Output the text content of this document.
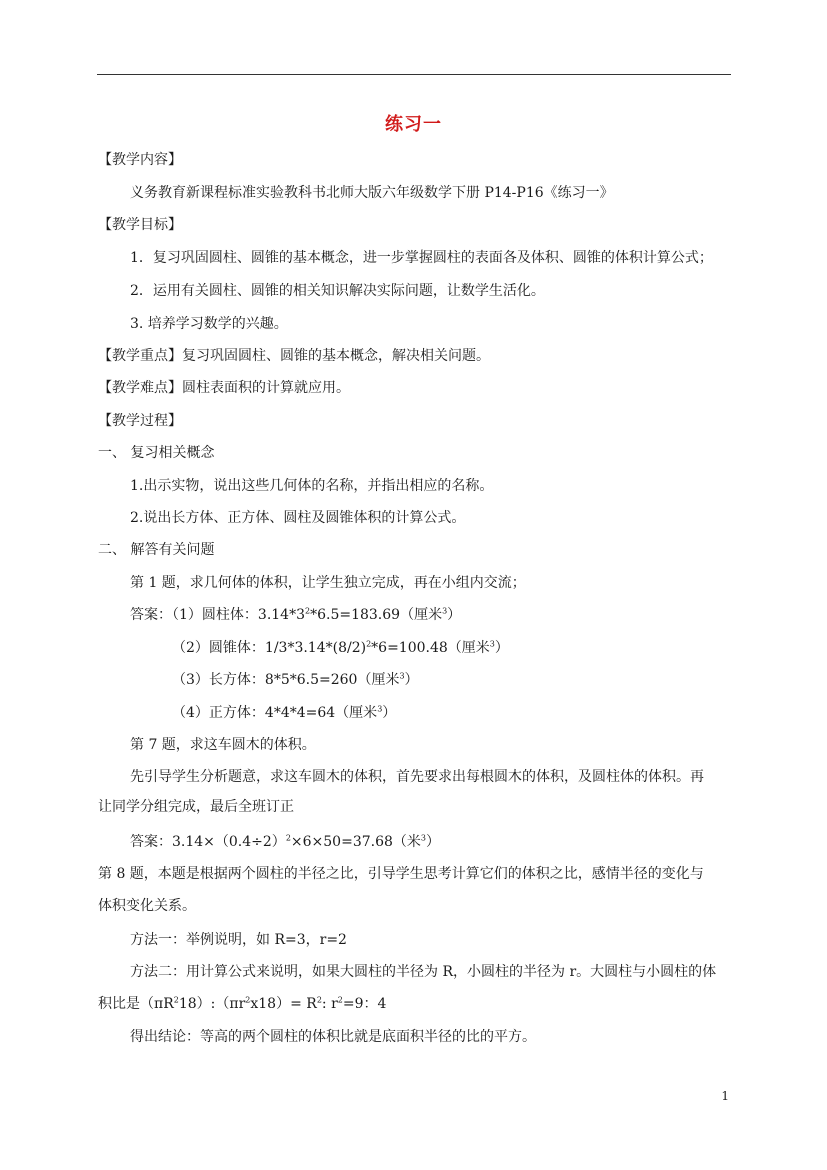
练习一
【教学内容】
义务教育新课程标准实验教科书北师大版六年级数学下册 P14-P16《练习一》
【教学目标】
1．复习巩固圆柱、圆锥的基本概念，进一步掌握圆柱的表面各及体积、圆锥的体积计算公式；
2．运用有关圆柱、圆锥的相关知识解决实际问题，让数学生活化。
3. 培养学习数学的兴趣。
【教学重点】复习巩固圆柱、圆锥的基本概念，解决相关问题。
【教学难点】圆柱表面积的计算就应用。
【教学过程】
一、 复习相关概念
1.出示实物，说出这些几何体的名称，并指出相应的名称。
2.说出长方体、正方体、圆柱及圆锥体积的计算公式。
二、 解答有关问题
第 1 题，求几何体的体积，让学生独立完成，再在小组内交流；
答案：（1）圆柱体：$3.14*3^2*6.5=183.69$（厘米$^3$）
（2）圆锥体：$1/3*3.14*(8/2)^2*6=100.48$（厘米$^3$）
（3）长方体：8*5*6.5=260（厘米$^3$）
（4）正方体：4*4*4=64（厘米$^3$）
第 7 题，求这车圆木的体积。
先引导学生分析题意，求这车圆木的体积，首先要求出每根圆木的体积，及圆柱体的体积。再
让同学分组完成，最后全班订正
答案：$3.14\times(0.4\div 2)^2\times 6\times 50=37.68$（米$^3$）
第 8 题，本题是根据两个圆柱的半径之比，引导学生思考计算它们的体积之比，感情半径的变化与
体积变化关系。
方法一：举例说明，如 R=3，r=2
方法二：用计算公式来说明，如果大圆柱的半径为 R，小圆柱的半径为 r。大圆柱与小圆柱的体
积比是$(\pi R^218):(\pi r^2x18)= R^2$: $r^2=9$：4
得出结论：等高的两个圆柱的体积比就是底面积半径的比的平方。
1
